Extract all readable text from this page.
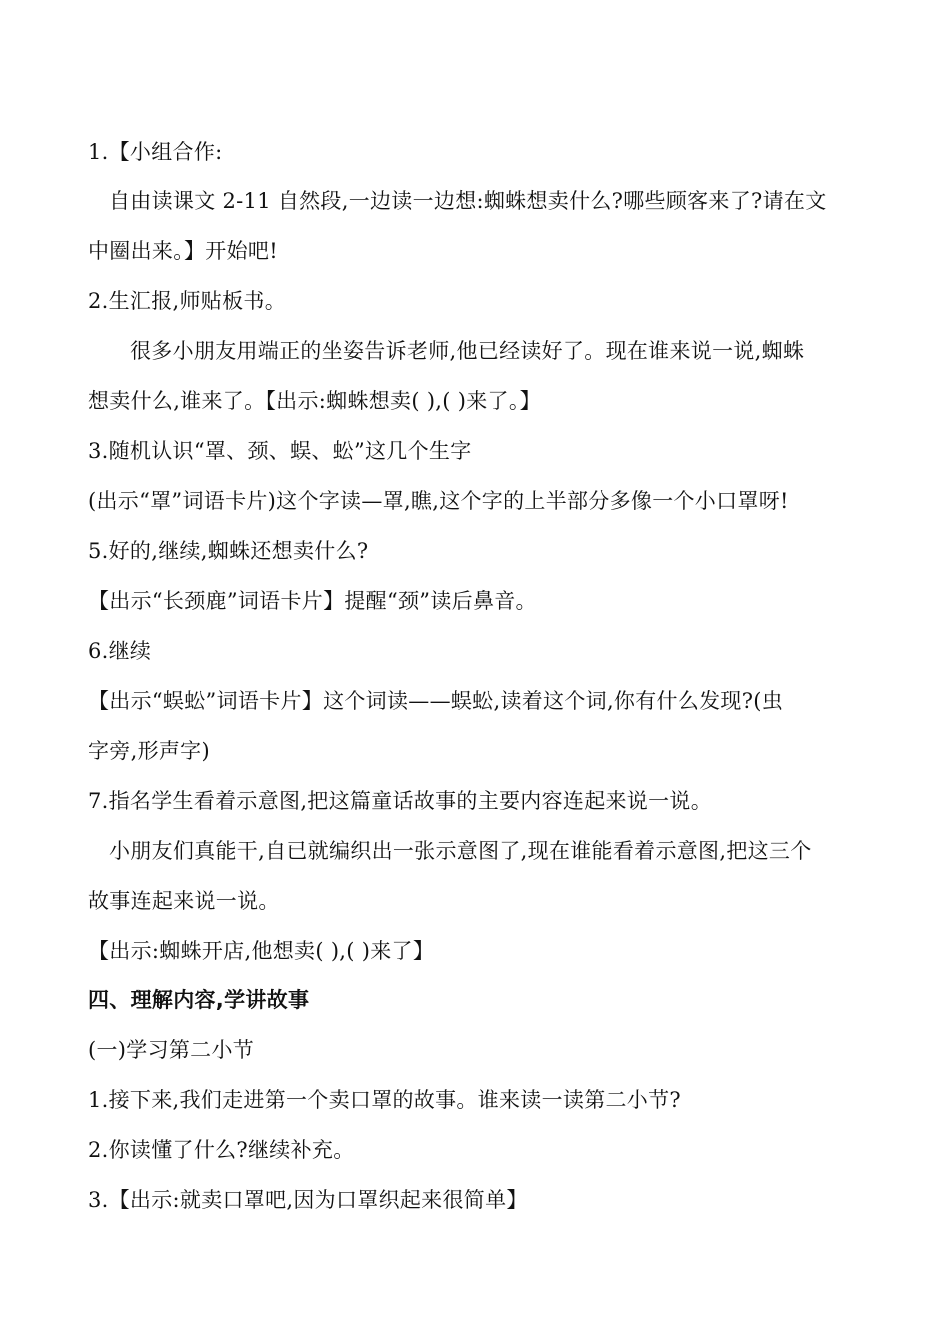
1.【小组合作:
自由读课文 2-11 自然段,一边读一边想:蜘蛛想卖什么?哪些顾客来了?请在文
中圈出来。】开始吧!
2.生汇报,师贴板书。
很多小朋友用端正的坐姿告诉老师,他已经读好了。现在谁来说一说,蜘蛛
想卖什么,谁来了。【出示:蜘蛛想卖( ),( )来了。】
3.随机认识“罩、颈、蜈、蚣”这几个生字
(出示“罩”词语卡片)这个字读—罩,瞧,这个字的上半部分多像一个小口罩呀!
5.好的,继续,蜘蛛还想卖什么?
【出示“长颈鹿”词语卡片】提醒“颈”读后鼻音。
6.继续
【出示“蜈蚣”词语卡片】这个词读——蜈蚣,读着这个词,你有什么发现?(虫
字旁,形声字)
7.指名学生看着示意图,把这篇童话故事的主要内容连起来说一说。
小朋友们真能干,自已就编织出一张示意图了,现在谁能看着示意图,把这三个
故事连起来说一说。
【出示:蜘蛛开店,他想卖( ),( )来了】
四、理解内容,学讲故事
(一)学习第二小节
1.接下来,我们走进第一个卖口罩的故事。谁来读一读第二小节?
2.你读懂了什么?继续补充。
3.【出示:就卖口罩吧,因为口罩织起来很简单】
